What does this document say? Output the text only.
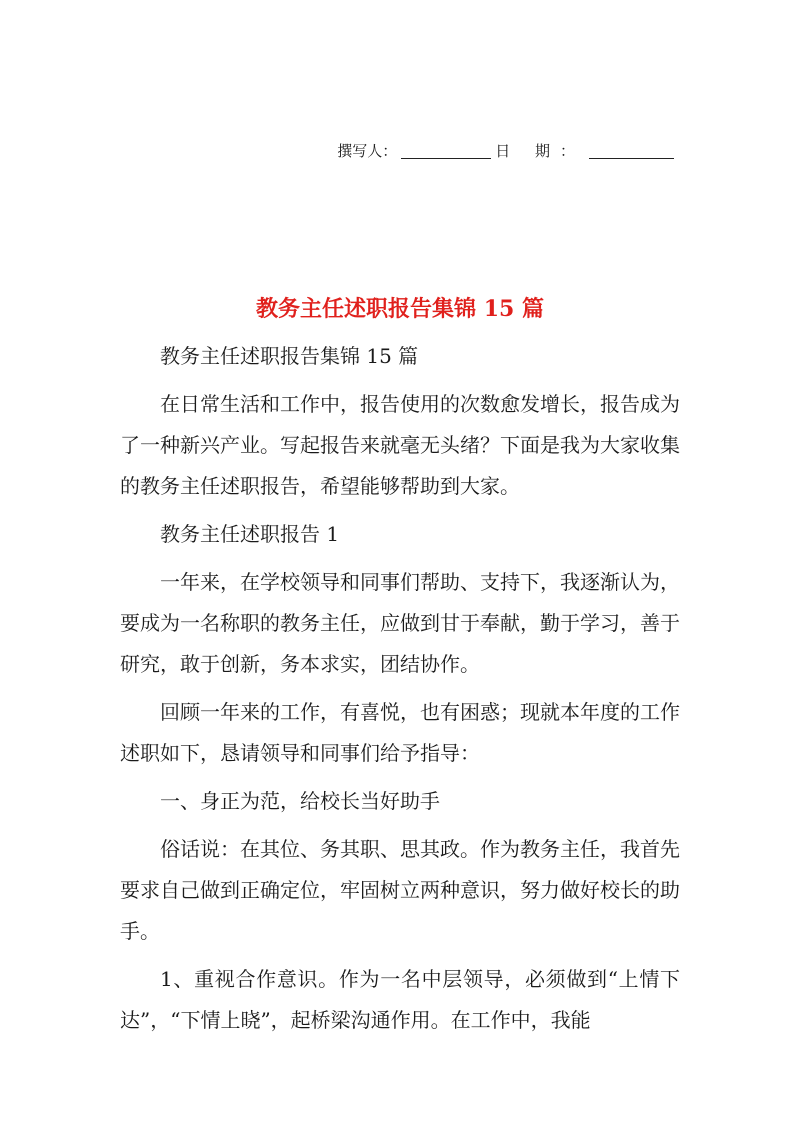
撰写人：	日 期：
教务主任述职报告集锦 15 篇

教务主任述职报告集锦 15 篇

在日常生活和工作中，报告使用的次数愈发增长，报告成为了一种新兴产业。写起报告来就毫无头绪？下面是我为大家收集的教务主任述职报告，希望能够帮助到大家。

教务主任述职报告 1

一年来，在学校领导和同事们帮助、支持下，我逐渐认为，要成为一名称职的教务主任，应做到甘于奉献，勤于学习，善于研究，敢于创新，务本求实，团结协作。

回顾一年来的工作，有喜悦，也有困惑；现就本年度的工作述职如下，恳请领导和同事们给予指导：

一、身正为范，给校长当好助手

俗话说：在其位、务其职、思其政。作为教务主任，我首先要求自己做到正确定位，牢固树立两种意识，努力做好校长的助手。

1、重视合作意识。作为一名中层领导，必须做到“上情下达”，“下情上晓”，起桥梁沟通作用。在工作中，我能
